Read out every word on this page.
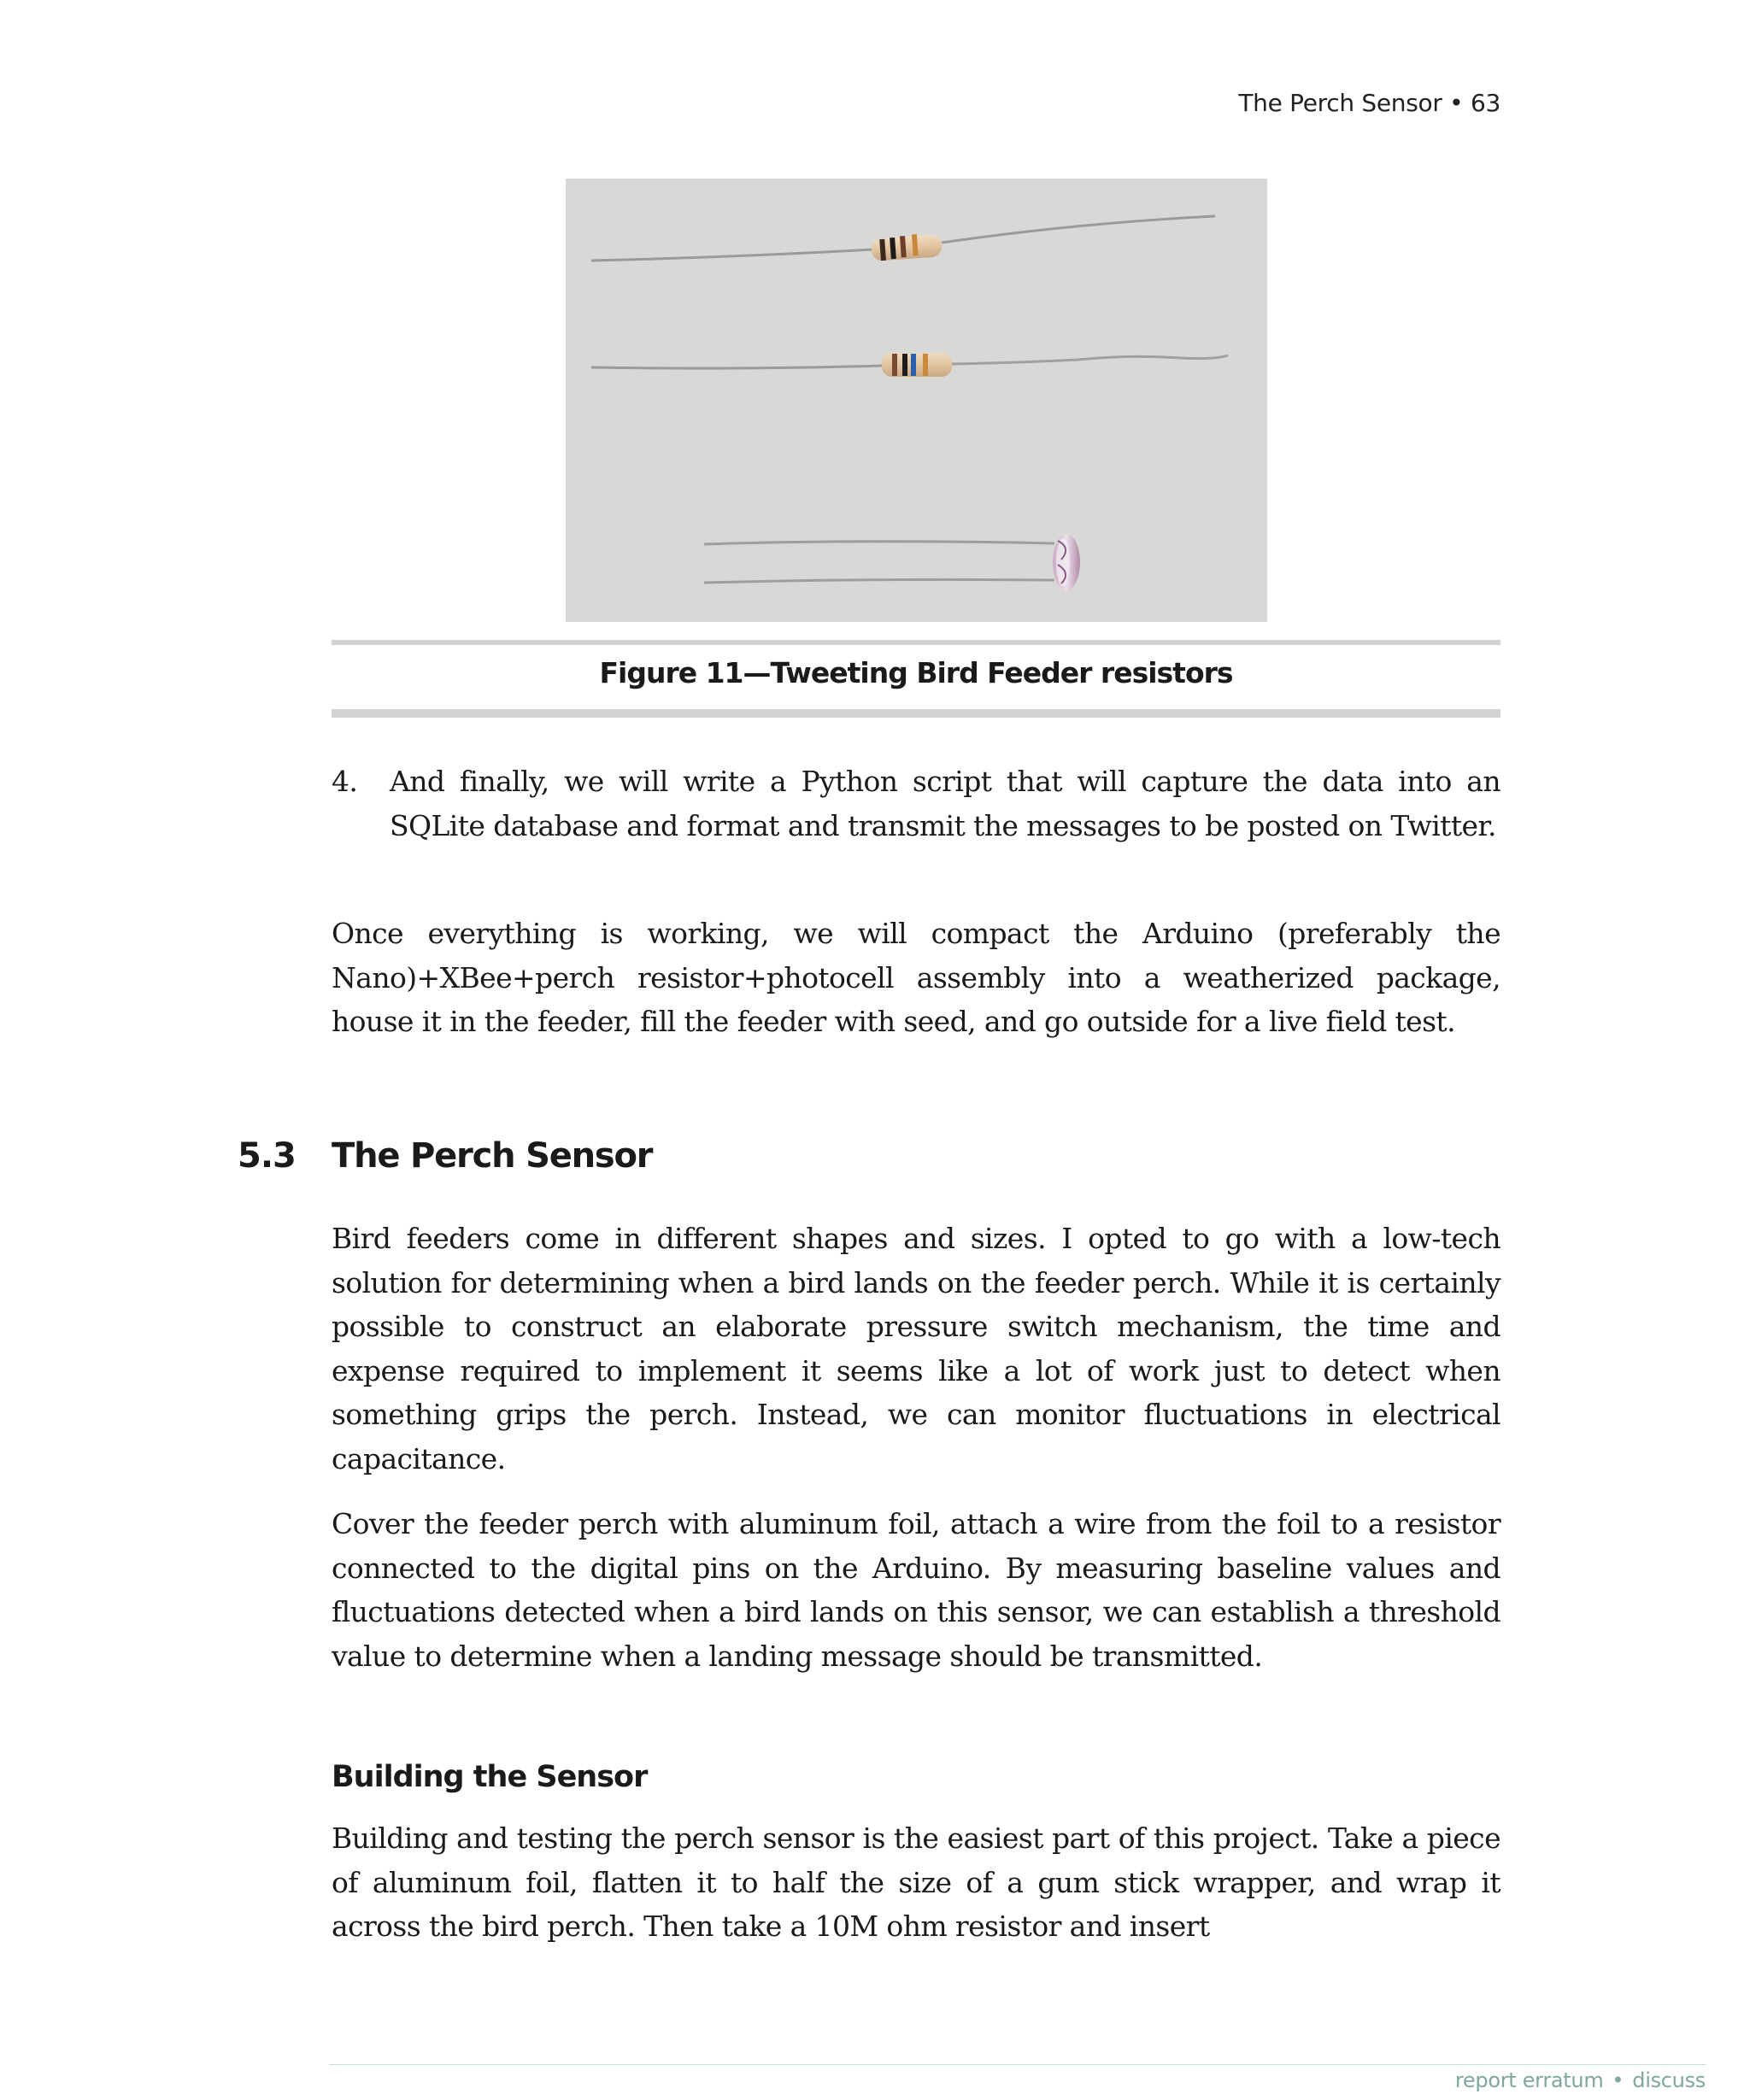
The Perch Sensor • 63
Figure 11—Tweeting Bird Feeder resistors
4.	And finally, we will write a Python script that will capture the data into an SQLite database and format and transmit the messages to be posted on Twitter.

Once everything is working, we will compact the Arduino (preferably the Nano)+XBee+perch resistor+photocell assembly into a weatherized package, house it in the feeder, fill the feeder with seed, and go outside for a live field test.

5.3 The Perch Sensor

Bird feeders come in different shapes and sizes. I opted to go with a low-tech solution for determining when a bird lands on the feeder perch. While it is certainly possible to construct an elaborate pressure switch mechanism, the time and expense required to implement it seems like a lot of work just to detect when something grips the perch. Instead, we can monitor fluctuations in electrical capacitance.

Cover the feeder perch with aluminum foil, attach a wire from the foil to a resistor connected to the digital pins on the Arduino. By measuring baseline values and fluctuations detected when a bird lands on this sensor, we can establish a threshold value to determine when a landing message should be transmitted.

Building the Sensor

Building and testing the perch sensor is the easiest part of this project. Take a piece of aluminum foil, flatten it to half the size of a gum stick wrapper, and wrap it across the bird perch. Then take a 10M ohm resistor and insert

report erratum • discuss
